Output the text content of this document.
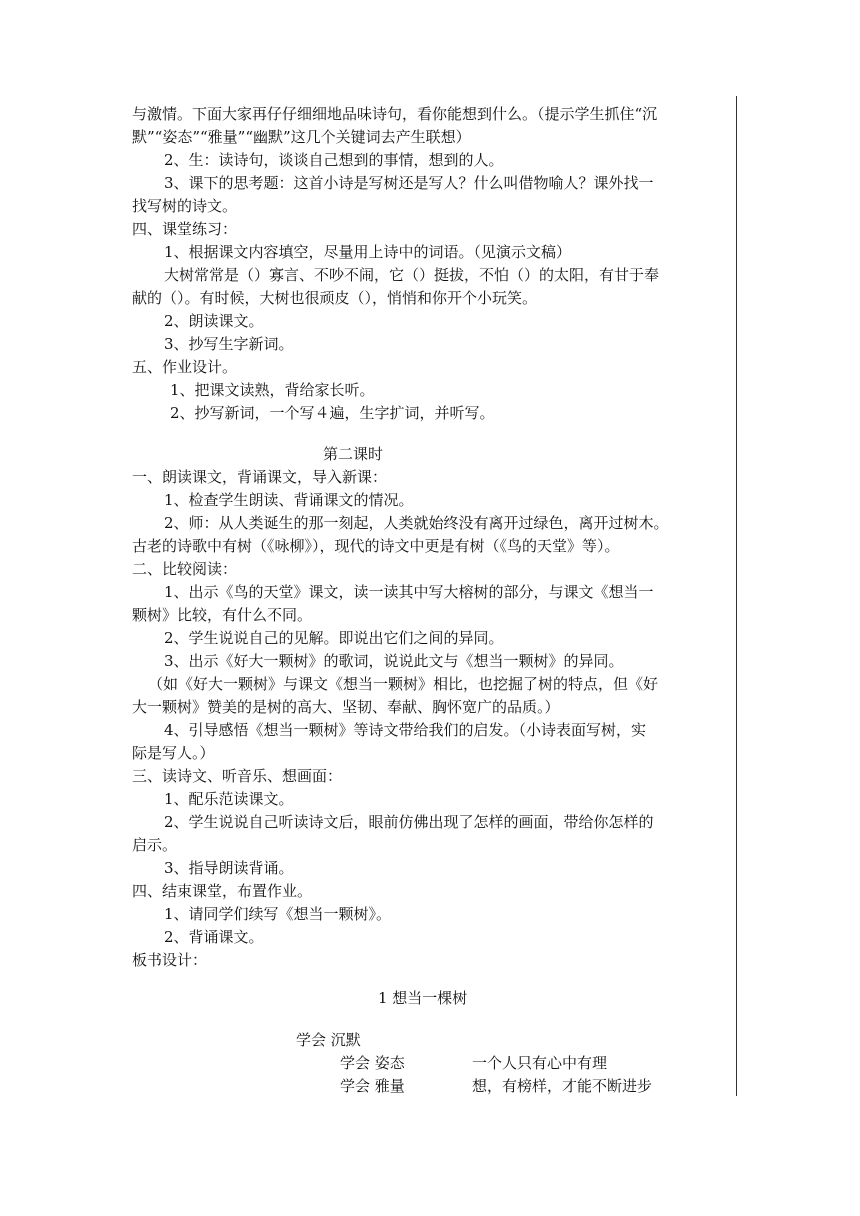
与激情。下面大家再仔仔细细地品味诗句，看你能想到什么。（提示学生抓住“沉
默”“姿态”“雅量”“幽默”这几个关键词去产生联想）
2、生：读诗句，谈谈自己想到的事情，想到的人。
3、课下的思考题：这首小诗是写树还是写人？什么叫借物喻人？课外找一
找写树的诗文。
四、课堂练习：
1、根据课文内容填空，尽量用上诗中的词语。（见演示文稿）
大树常常是（）寡言、不吵不闹，它（）挺拔，不怕（）的太阳，有甘于奉
献的（）。有时候，大树也很顽皮（），悄悄和你开个小玩笑。
2、朗读课文。
3、抄写生字新词。
五、作业设计。
1、把课文读熟，背给家长听。
2、抄写新词，一个写４遍，生字扩词，并听写。
第二课时
一、朗读课文，背诵课文，导入新课：
1、检查学生朗读、背诵课文的情况。
2、师：从人类诞生的那一刻起，人类就始终没有离开过绿色，离开过树木。
古老的诗歌中有树（《咏柳》），现代的诗文中更是有树（《鸟的天堂》等）。
二、比较阅读：
1、出示《鸟的天堂》课文，读一读其中写大榕树的部分，与课文《想当一
颗树》比较，有什么不同。
2、学生说说自己的见解。即说出它们之间的异同。
3、出示《好大一颗树》的歌词，说说此文与《想当一颗树》的异同。
（如《好大一颗树》与课文《想当一颗树》相比，也挖掘了树的特点，但《好
大一颗树》赞美的是树的高大、坚韧、奉献、胸怀宽广的品质。）
4、引导感悟《想当一颗树》等诗文带给我们的启发。（小诗表面写树，实
际是写人。）
三、读诗文、听音乐、想画面：
1、配乐范读课文。
2、学生说说自己听读诗文后，眼前仿佛出现了怎样的画面，带给你怎样的
启示。
3、指导朗读背诵。
四、结束课堂，布置作业。
1、请同学们续写《想当一颗树》。
2、背诵课文。
板书设计：
1 想当一棵树
学会 沉默
学会 姿态	一个人只有心中有理
学会 雅量	想，有榜样，才能不断进步
